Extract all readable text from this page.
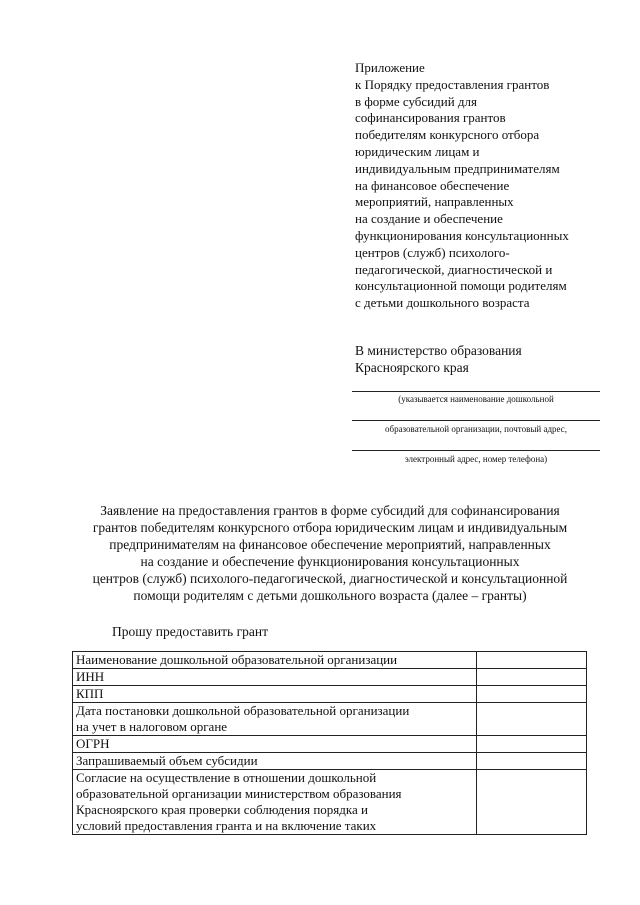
Приложение
к Порядку предоставления грантов
в форме субсидий для
софинансирования грантов
победителям конкурсного отбора
юридическим лицам и
индивидуальным предпринимателям
на финансовое обеспечение
мероприятий, направленных
на создание и обеспечение
функционирования консультационных
центров (служб) психолого-
педагогической, диагностической и
консультационной помощи родителям
с детьми дошкольного возраста
В министерство образования
Красноярского края
(указывается наименование дошкольной
образовательной организации, почтовый адрес,
электронный адрес, номер телефона)
Заявление на предоставления грантов в форме субсидий для софинансирования
грантов победителям конкурсного отбора юридическим лицам и индивидуальным
предпринимателям на финансовое обеспечение мероприятий, направленных
на создание и обеспечение функционирования консультационных
центров (служб) психолого-педагогической, диагностической и консультационной
помощи родителям с детьми дошкольного возраста (далее – гранты)
Прошу предоставить грант
Наименование дошкольной образовательной организации	

ИНН	

КПП	

Дата постановки дошкольной образовательной организации
на учет в налоговом органе	

ОГРН	

Запрашиваемый объем субсидии	

Согласие на осуществление в отношении дошкольной
образовательной организации министерством образования
Красноярского края проверки соблюдения порядка и
условий предоставления гранта и на включение таких	
